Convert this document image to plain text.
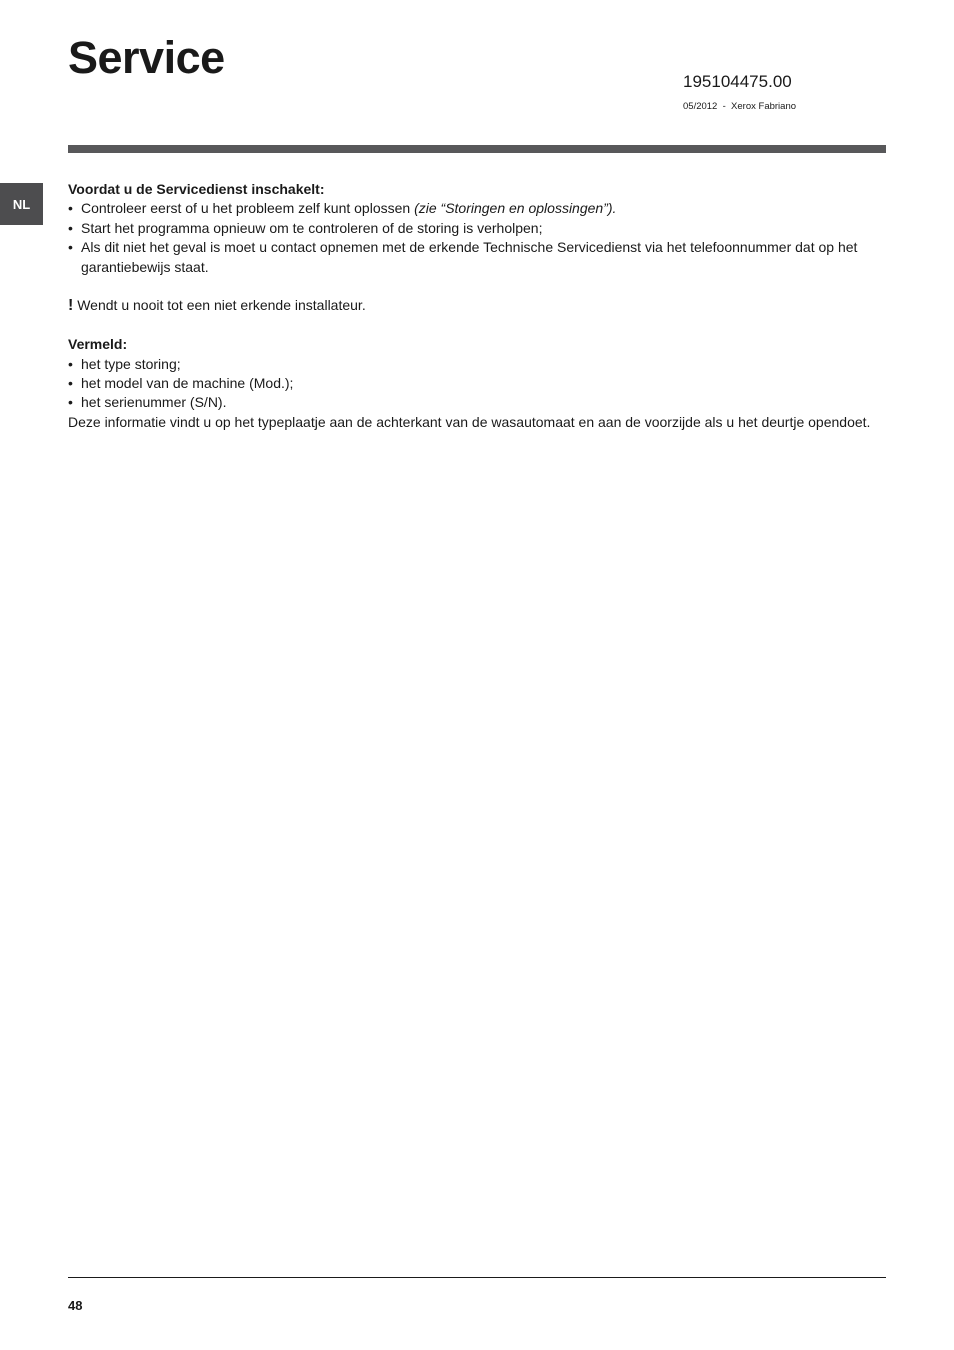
Service	195104475.00
05/2012  -  Xerox Fabriano
NL

Voordat u de Servicedienst inschakelt:

• Controleer eerst of u het probleem zelf kunt oplossen (zie “Storingen en oplossingen”).
• Start het programma opnieuw om te controleren of de storing is verholpen;
• Als dit niet het geval is moet u contact opnemen met de erkende Technische Servicedienst via het telefoonnummer dat op het garantiebewijs staat.

! Wendt u nooit tot een niet erkende installateur.

Vermeld:

• het type storing;
• het model van de machine (Mod.);
• het serienummer (S/N).

Deze informatie vindt u op het typeplaatje aan de achterkant van de wasautomaat en aan de voorzijde als u het deurtje opendoet.

48
